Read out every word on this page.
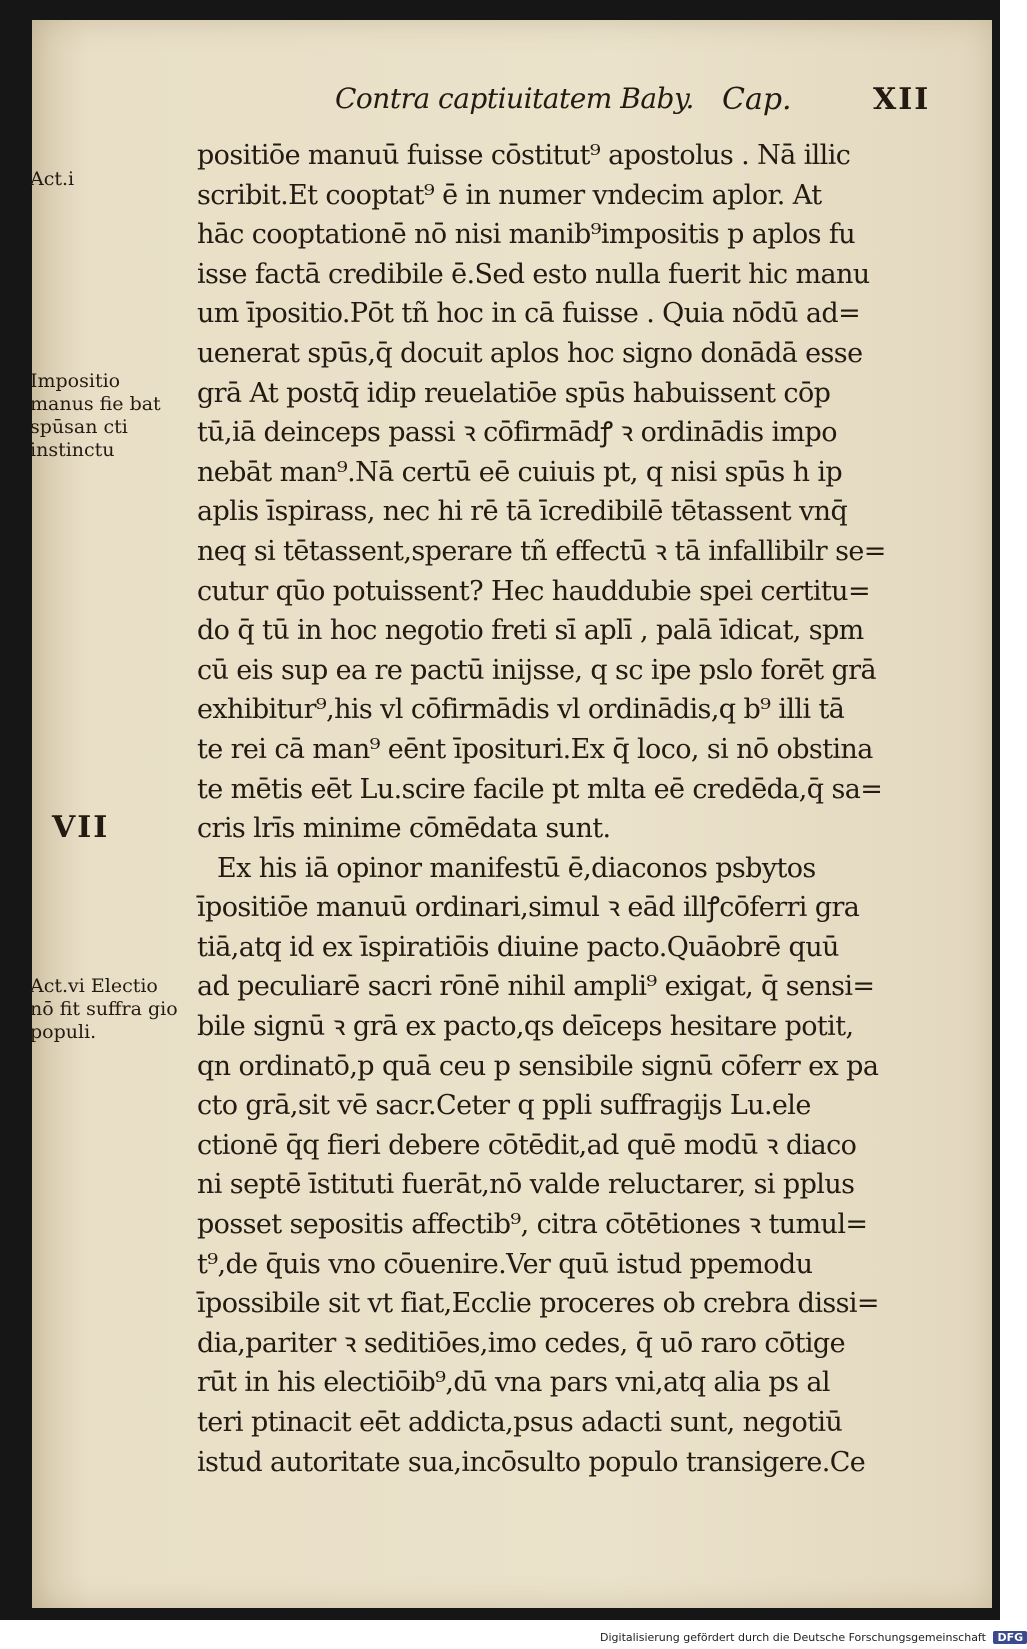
Contra captiuitatem Baby. Cap.	XII
Act.i
Impositio manus fie bat spūsan cti instinctu
VII
Act.vi Electio nō fit suffra gio populi.
positiōe manuū fuisse cōstitut⁹ apostolus . Nā illic
scribit.Et cooptat⁹ ē in numer vndecim aplor. At
hāc cooptationē nō nisi manib⁹impositis p aplos fu
isse factā credibile ē.Sed esto nulla fuerit hic manu
um īpositio.Pōt tñ hoc in cā fuisse . Quia nōdū ad=
uenerat spūs,q̄ docuit aplos hoc signo donādā esse
grā At postq̄ idip reuelatiōe spūs habuissent cōp
tū,iā deinceps passi ꝛ cōfirmādꝭ ꝛ ordinādis impo
nebāt man⁹.Nā certū eē cuiuis pt, q nisi spūs h ip
aplis īspirass, nec hi rē tā īcredibilē tētassent vnq̄
neq si tētassent,sperare tñ effectū ꝛ tā infallibilr se=
cutur qūo potuissent? Hec hauddubie spei certitu=
do q̄ tū in hoc negotio freti sī aplī , palā īdicat, spm
cū eis sup ea re pactū inijsse, q sc ipe pslo forēt grā
exhibitur⁹,his vl cōfirmādis vl ordinādis,q b⁹ illi tā
te rei cā man⁹ eēnt īposituri.Ex q̄ loco, si nō obstina
te mētis eēt Lu.scire facile pt mlta eē credēda,q̄ sa=
cris lrīs minime cōmēdata sunt.
Ex his iā opinor manifestū ē,diaconos psbytos
īpositiōe manuū ordinari,simul ꝛ eād illꝭcōferri gra
tiā,atq id ex īspiratiōis diuine pacto.Quāobrē quū
ad peculiarē sacri rōnē nihil ampli⁹ exigat, q̄ sensi=
bile signū ꝛ grā ex pacto,qs deīceps hesitare potit,
qn ordinatō,p quā ceu p sensibile signū cōferr ex pa
cto grā,sit vē sacr.Ceter q ppli suffragijs Lu.ele
ctionē q̄q fieri debere cōtēdit,ad quē modū ꝛ diaco
ni septē īstituti fuerāt,nō valde reluctarer, si pplus
posset sepositis affectib⁹, citra cōtētiones ꝛ tumul=
t⁹,de q̄uis vno cōuenire.Ver quū istud ppemodu
īpossibile sit vt fiat,Ecclie proceres ob crebra dissi=
dia,pariter ꝛ seditiōes,imo cedes, q̄ uō raro cōtige
rūt in his electiōib⁹,dū vna pars vni,atq alia ps al
teri ptinacit eēt addicta,psus adacti sunt, negotiū
istud autoritate sua,incōsulto populo transigere.Ce
Digitalisierung gefördert durch die Deutsche Forschungsgemeinschaft DFG
